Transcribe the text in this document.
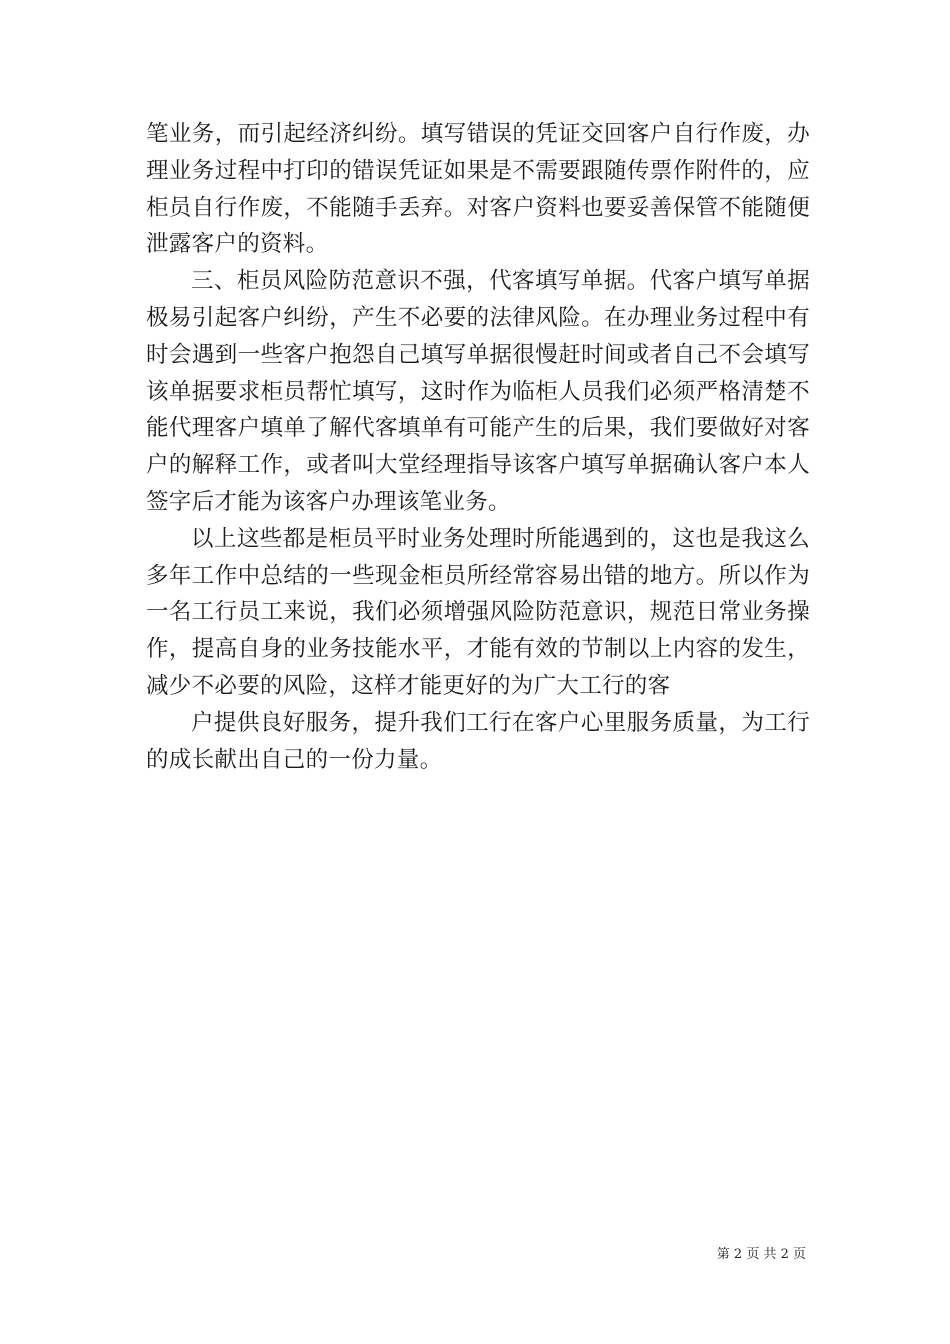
笔业务，而引起经济纠纷。填写错误的凭证交回客户自行作废，办理业务过程中打印的错误凭证如果是不需要跟随传票作附件的，应柜员自行作废，不能随手丢弃。对客户资料也要妥善保管不能随便泄露客户的资料。

三、柜员风险防范意识不强，代客填写单据。代客户填写单据极易引起客户纠纷，产生不必要的法律风险。在办理业务过程中有时会遇到一些客户抱怨自己填写单据很慢赶时间或者自己不会填写该单据要求柜员帮忙填写，这时作为临柜人员我们必须严格清楚不能代理客户填单了解代客填单有可能产生的后果，我们要做好对客户的解释工作，或者叫大堂经理指导该客户填写单据确认客户本人签字后才能为该客户办理该笔业务。

以上这些都是柜员平时业务处理时所能遇到的，这也是我这么多年工作中总结的一些现金柜员所经常容易出错的地方。所以作为一名工行员工来说，我们必须增强风险防范意识，规范日常业务操作，提高自身的业务技能水平，才能有效的节制以上内容的发生，减少不必要的风险，这样才能更好的为广大工行的客

户提供良好服务，提升我们工行在客户心里服务质量，为工行的成长献出自己的一份力量。

第 2 页 共 2 页
